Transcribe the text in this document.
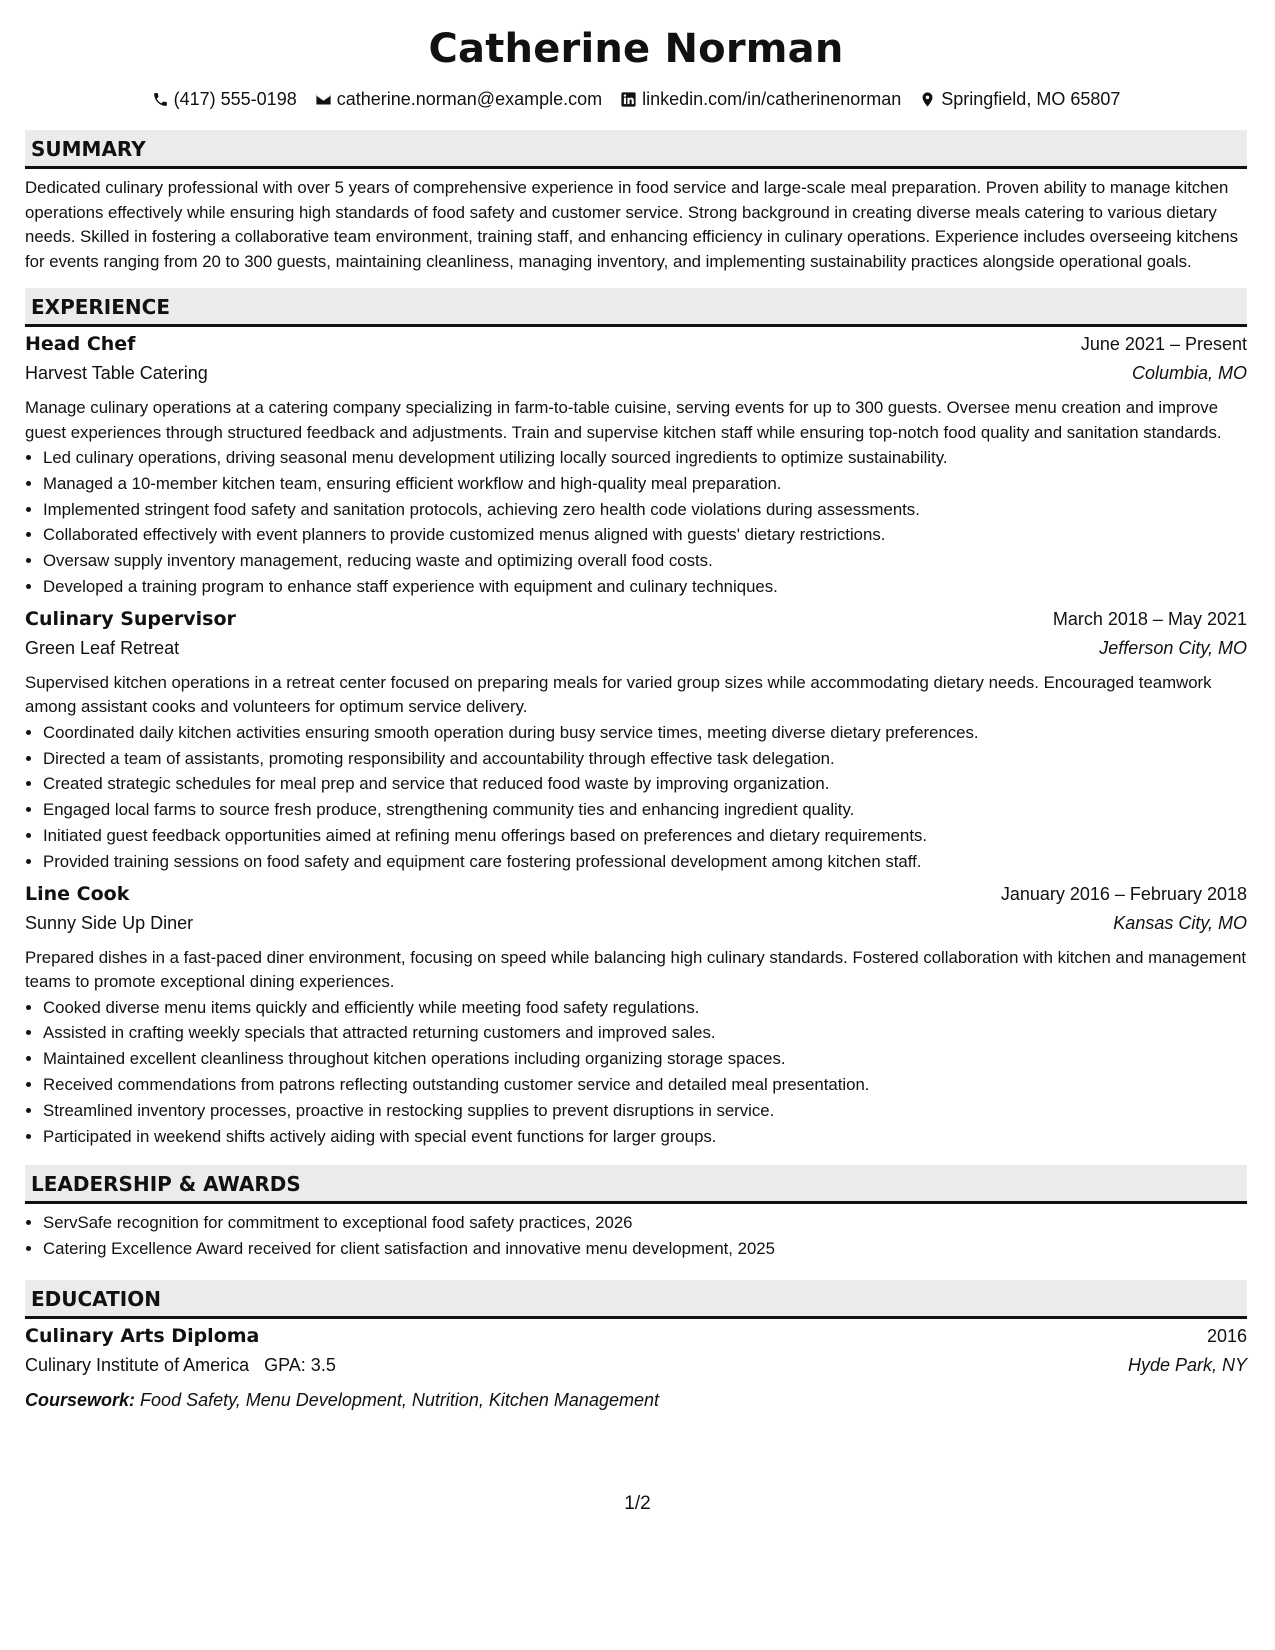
Catherine Norman
(417) 555-0198 catherine.norman@example.com linkedin.com/in/catherinenorman Springfield, MO 65807
SUMMARY

Dedicated culinary professional with over 5 years of comprehensive experience in food service and large-scale meal preparation. Proven ability to manage kitchen operations effectively while ensuring high standards of food safety and customer service. Strong background in creating diverse meals catering to various dietary needs. Skilled in fostering a collaborative team environment, training staff, and enhancing efficiency in culinary operations. Experience includes overseeing kitchens for events ranging from 20 to 300 guests, maintaining cleanliness, managing inventory, and implementing sustainability practices alongside operational goals.

EXPERIENCE
Head Chef	June 2021 – Present
Harvest Table Catering	Columbia, MO

Manage culinary operations at a catering company specializing in farm-to-table cuisine, serving events for up to 300 guests. Oversee menu creation and improve guest experiences through structured feedback and adjustments. Train and supervise kitchen staff while ensuring top-notch food quality and sanitation standards.

• Led culinary operations, driving seasonal menu development utilizing locally sourced ingredients to optimize sustainability.
• Managed a 10-member kitchen team, ensuring efficient workflow and high-quality meal preparation.
• Implemented stringent food safety and sanitation protocols, achieving zero health code violations during assessments.
• Collaborated effectively with event planners to provide customized menus aligned with guests' dietary restrictions.
• Oversaw supply inventory management, reducing waste and optimizing overall food costs.
• Developed a training program to enhance staff experience with equipment and culinary techniques.
Culinary Supervisor	March 2018 – May 2021
Green Leaf Retreat	Jefferson City, MO

Supervised kitchen operations in a retreat center focused on preparing meals for varied group sizes while accommodating dietary needs. Encouraged teamwork among assistant cooks and volunteers for optimum service delivery.

• Coordinated daily kitchen activities ensuring smooth operation during busy service times, meeting diverse dietary preferences.
• Directed a team of assistants, promoting responsibility and accountability through effective task delegation.
• Created strategic schedules for meal prep and service that reduced food waste by improving organization.
• Engaged local farms to source fresh produce, strengthening community ties and enhancing ingredient quality.
• Initiated guest feedback opportunities aimed at refining menu offerings based on preferences and dietary requirements.
• Provided training sessions on food safety and equipment care fostering professional development among kitchen staff.
Line Cook	January 2016 – February 2018
Sunny Side Up Diner	Kansas City, MO

Prepared dishes in a fast-paced diner environment, focusing on speed while balancing high culinary standards. Fostered collaboration with kitchen and management teams to promote exceptional dining experiences.

• Cooked diverse menu items quickly and efficiently while meeting food safety regulations.
• Assisted in crafting weekly specials that attracted returning customers and improved sales.
• Maintained excellent cleanliness throughout kitchen operations including organizing storage spaces.
• Received commendations from patrons reflecting outstanding customer service and detailed meal presentation.
• Streamlined inventory processes, proactive in restocking supplies to prevent disruptions in service.
• Participated in weekend shifts actively aiding with special event functions for larger groups.
LEADERSHIP & AWARDS
• ServSafe recognition for commitment to exceptional food safety practices, 2026
• Catering Excellence Award received for client satisfaction and innovative menu development, 2025
EDUCATION
Culinary Arts Diploma	2016
Culinary Institute of America GPA: 3.5	Hyde Park, NY
Coursework: Food Safety, Menu Development, Nutrition, Kitchen Management
1/2
